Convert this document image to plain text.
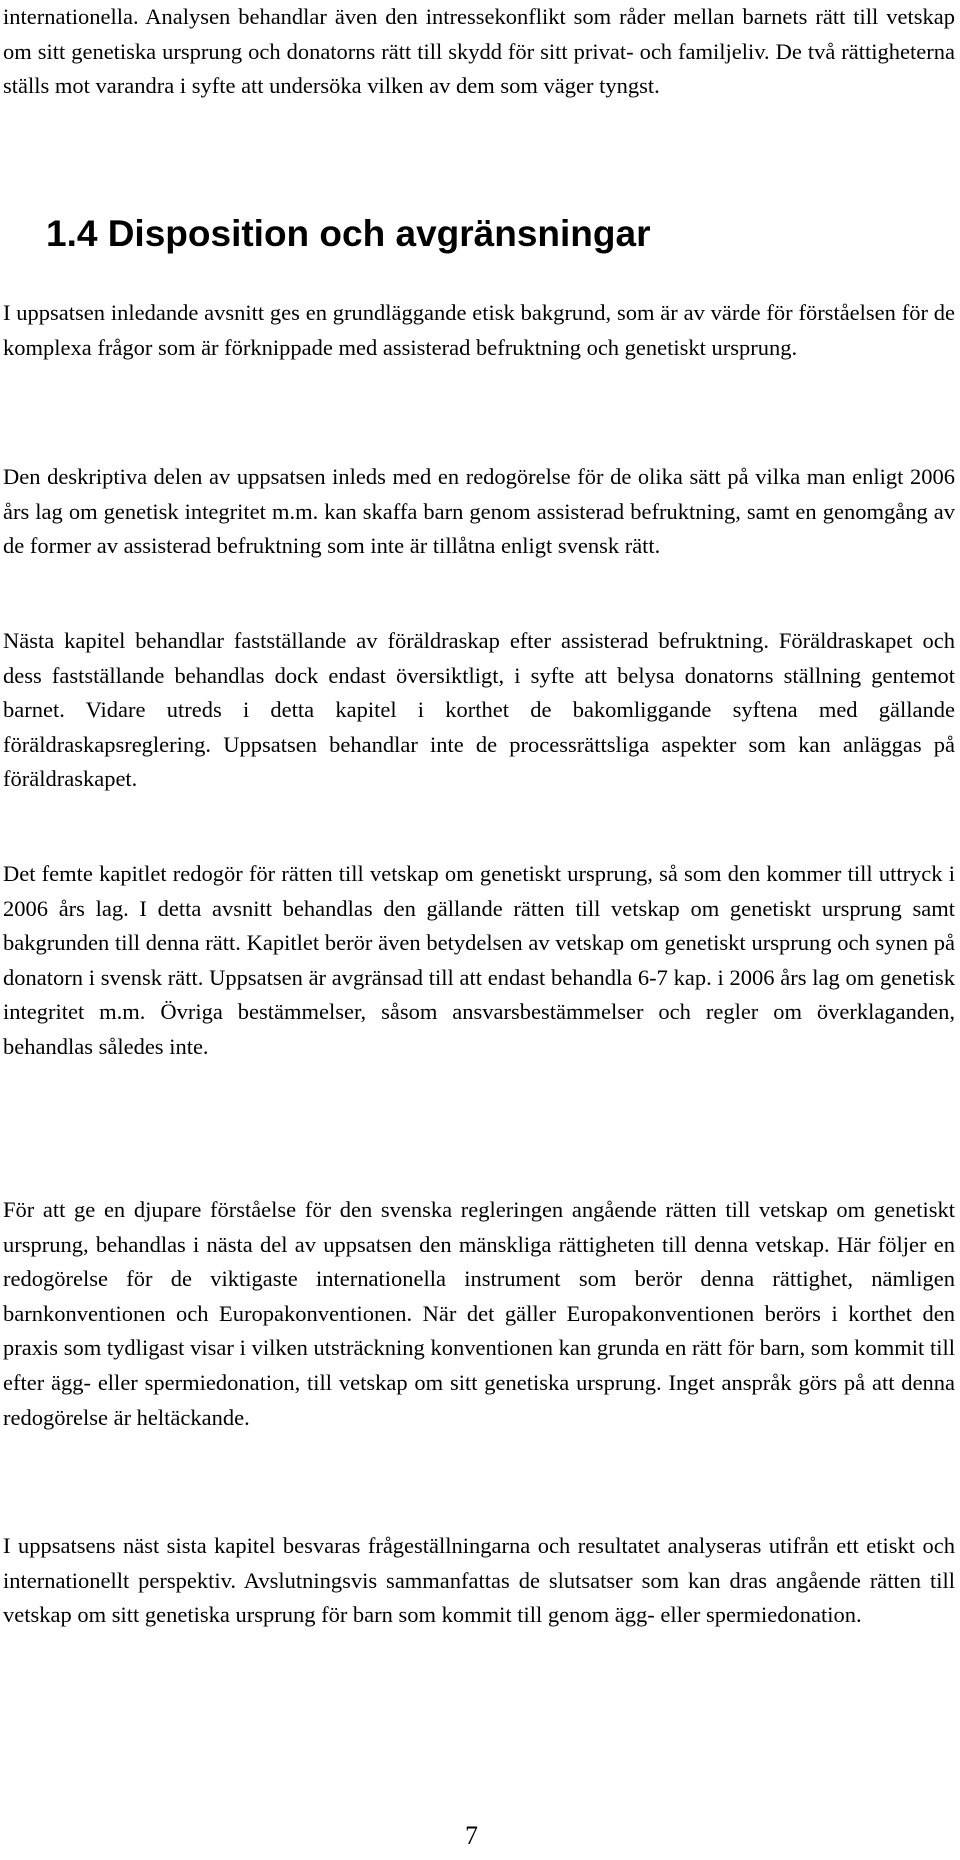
internationella. Analysen behandlar även den intressekonflikt som råder mellan barnets rätt till vetskap om sitt genetiska ursprung och donatorns rätt till skydd för sitt privat- och familjeliv. De två rättigheterna ställs mot varandra i syfte att undersöka vilken av dem som väger tyngst.

1.4 Disposition och avgränsningar

I uppsatsen inledande avsnitt ges en grundläggande etisk bakgrund, som är av värde för förståelsen för de komplexa frågor som är förknippade med assisterad befruktning och genetiskt ursprung.

Den deskriptiva delen av uppsatsen inleds med en redogörelse för de olika sätt på vilka man enligt 2006 års lag om genetisk integritet m.m. kan skaffa barn genom assisterad befruktning, samt en genomgång av de former av assisterad befruktning som inte är tillåtna enligt svensk rätt.

Nästa kapitel behandlar fastställande av föräldraskap efter assisterad befruktning. Föräldraskapet och dess fastställande behandlas dock endast översiktligt, i syfte att belysa donatorns ställning gentemot barnet. Vidare utreds i detta kapitel i korthet de bakomliggande syftena med gällande föräldraskapsreglering. Uppsatsen behandlar inte de processrättsliga aspekter som kan anläggas på föräldraskapet.

Det femte kapitlet redogör för rätten till vetskap om genetiskt ursprung, så som den kommer till uttryck i 2006 års lag. I detta avsnitt behandlas den gällande rätten till vetskap om genetiskt ursprung samt bakgrunden till denna rätt. Kapitlet berör även betydelsen av vetskap om genetiskt ursprung och synen på donatorn i svensk rätt. Uppsatsen är avgränsad till att endast behandla 6-7 kap. i 2006 års lag om genetisk integritet m.m. Övriga bestämmelser, såsom ansvarsbestämmelser och regler om överklaganden, behandlas således inte.

För att ge en djupare förståelse för den svenska regleringen angående rätten till vetskap om genetiskt ursprung, behandlas i nästa del av uppsatsen den mänskliga rättigheten till denna vetskap. Här följer en redogörelse för de viktigaste internationella instrument som berör denna rättighet, nämligen barnkonventionen och Europakonventionen. När det gäller Europakonventionen berörs i korthet den praxis som tydligast visar i vilken utsträckning konventionen kan grunda en rätt för barn, som kommit till efter ägg- eller spermiedonation, till vetskap om sitt genetiska ursprung. Inget anspråk görs på att denna redogörelse är heltäckande.

I uppsatsens näst sista kapitel besvaras frågeställningarna och resultatet analyseras utifrån ett etiskt och internationellt perspektiv. Avslutningsvis sammanfattas de slutsatser som kan dras angående rätten till vetskap om sitt genetiska ursprung för barn som kommit till genom ägg- eller spermiedonation.

7
